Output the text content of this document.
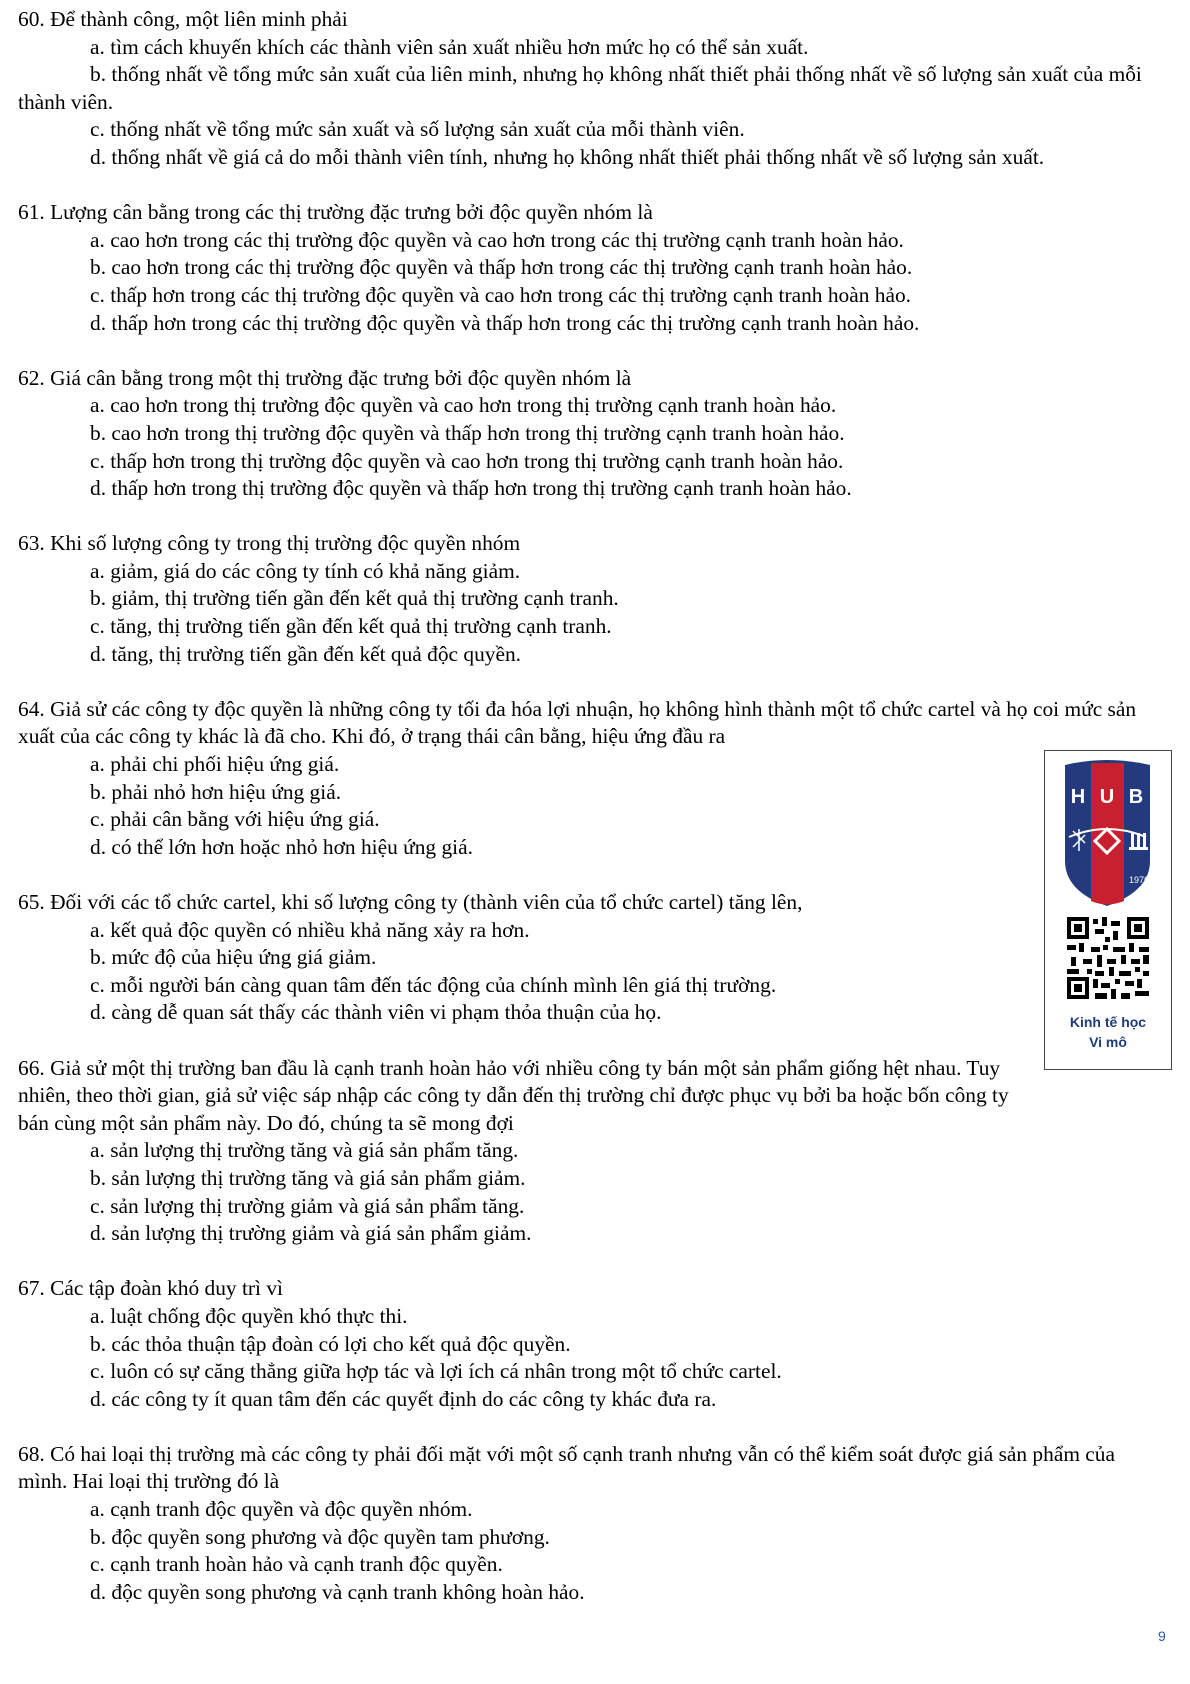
60. Để thành công, một liên minh phải

a. tìm cách khuyến khích các thành viên sản xuất nhiều hơn mức họ có thể sản xuất.

b. thống nhất về tổng mức sản xuất của liên minh, nhưng họ không nhất thiết phải thống nhất về số lượng sản xuất của mỗi thành viên.

c. thống nhất về tổng mức sản xuất và số lượng sản xuất của mỗi thành viên.

d. thống nhất về giá cả do mỗi thành viên tính, nhưng họ không nhất thiết phải thống nhất về số lượng sản xuất.

61. Lượng cân bằng trong các thị trường đặc trưng bởi độc quyền nhóm là

a. cao hơn trong các thị trường độc quyền và cao hơn trong các thị trường cạnh tranh hoàn hảo.

b. cao hơn trong các thị trường độc quyền và thấp hơn trong các thị trường cạnh tranh hoàn hảo.

c. thấp hơn trong các thị trường độc quyền và cao hơn trong các thị trường cạnh tranh hoàn hảo.

d. thấp hơn trong các thị trường độc quyền và thấp hơn trong các thị trường cạnh tranh hoàn hảo.

62. Giá cân bằng trong một thị trường đặc trưng bởi độc quyền nhóm là

a. cao hơn trong thị trường độc quyền và cao hơn trong thị trường cạnh tranh hoàn hảo.

b. cao hơn trong thị trường độc quyền và thấp hơn trong thị trường cạnh tranh hoàn hảo.

c. thấp hơn trong thị trường độc quyền và cao hơn trong thị trường cạnh tranh hoàn hảo.

d. thấp hơn trong thị trường độc quyền và thấp hơn trong thị trường cạnh tranh hoàn hảo.

63. Khi số lượng công ty trong thị trường độc quyền nhóm

a. giảm, giá do các công ty tính có khả năng giảm.

b. giảm, thị trường tiến gần đến kết quả thị trường cạnh tranh.

c. tăng, thị trường tiến gần đến kết quả thị trường cạnh tranh.

d. tăng, thị trường tiến gần đến kết quả độc quyền.

64. Giả sử các công ty độc quyền là những công ty tối đa hóa lợi nhuận, họ không hình thành một tổ chức cartel và họ coi mức sản xuất của các công ty khác là đã cho. Khi đó, ở trạng thái cân bằng, hiệu ứng đầu ra

a. phải chi phối hiệu ứng giá.

b. phải nhỏ hơn hiệu ứng giá.

c. phải cân bằng với hiệu ứng giá.

d. có thể lớn hơn hoặc nhỏ hơn hiệu ứng giá.

65. Đối với các tổ chức cartel, khi số lượng công ty (thành viên của tổ chức cartel) tăng lên,

a. kết quả độc quyền có nhiều khả năng xảy ra hơn.

b. mức độ của hiệu ứng giá giảm.

c. mỗi người bán càng quan tâm đến tác động của chính mình lên giá thị trường.

d. càng dễ quan sát thấy các thành viên vi phạm thỏa thuận của họ.

66. Giả sử một thị trường ban đầu là cạnh tranh hoàn hảo với nhiều công ty bán một sản phẩm giống hệt nhau. Tuy nhiên, theo thời gian, giả sử việc sáp nhập các công ty dẫn đến thị trường chỉ được phục vụ bởi ba hoặc bốn công ty bán cùng một sản phẩm này. Do đó, chúng ta sẽ mong đợi

a. sản lượng thị trường tăng và giá sản phẩm tăng.

b. sản lượng thị trường tăng và giá sản phẩm giảm.

c. sản lượng thị trường giảm và giá sản phẩm tăng.

d. sản lượng thị trường giảm và giá sản phẩm giảm.

67. Các tập đoàn khó duy trì vì

a. luật chống độc quyền khó thực thi.

b. các thỏa thuận tập đoàn có lợi cho kết quả độc quyền.

c. luôn có sự căng thẳng giữa hợp tác và lợi ích cá nhân trong một tổ chức cartel.

d. các công ty ít quan tâm đến các quyết định do các công ty khác đưa ra.

68. Có hai loại thị trường mà các công ty phải đối mặt với một số cạnh tranh nhưng vẫn có thể kiểm soát được giá sản phẩm của mình. Hai loại thị trường đó là

a. cạnh tranh độc quyền và độc quyền nhóm.

b. độc quyền song phương và độc quyền tam phương.

c. cạnh tranh hoàn hảo và cạnh tranh độc quyền.

d. độc quyền song phương và cạnh tranh không hoàn hảo.

H U B
1976
Kinh tế học
Vi mô
9
